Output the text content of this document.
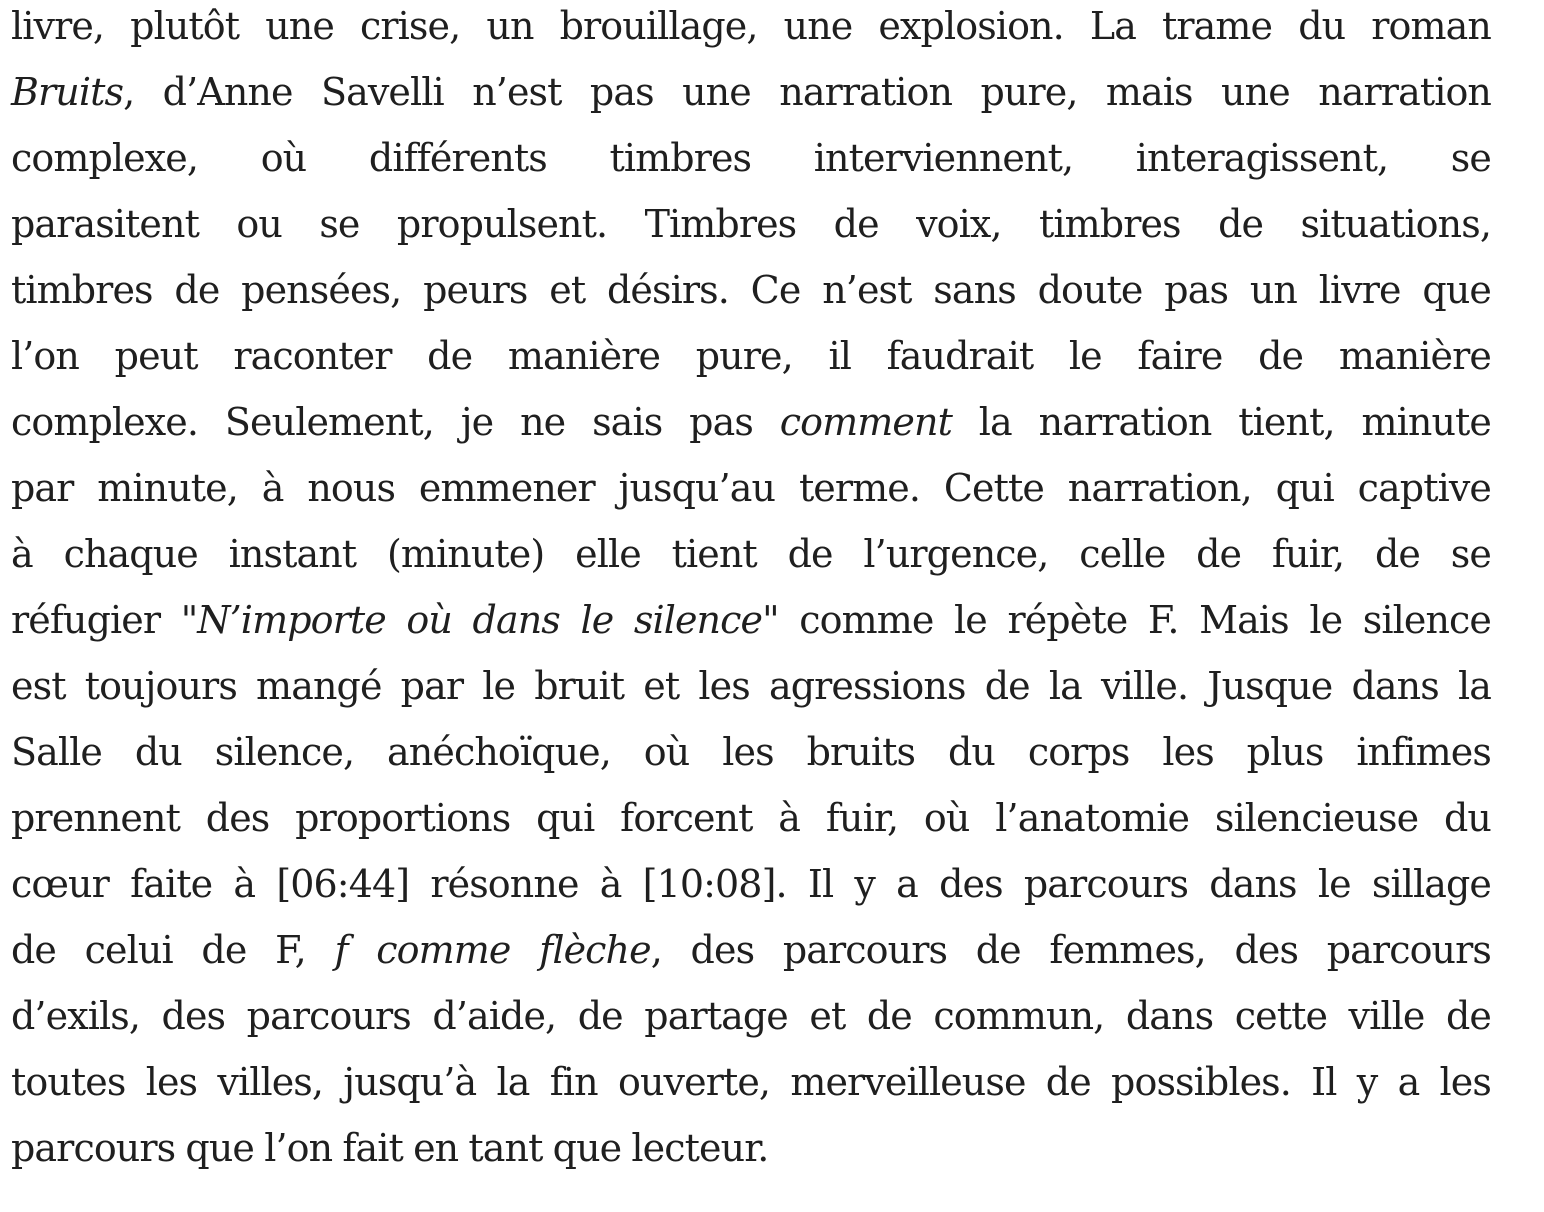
livre, plutôt une crise, un brouillage, une explosion. La trame du roman
Bruits, d’Anne Savelli n’est pas une narration pure, mais une narration
complexe, où différents timbres interviennent, interagissent, se
parasitent ou se propulsent. Timbres de voix, timbres de situations,
timbres de pensées, peurs et désirs. Ce n’est sans doute pas un livre que
l’on peut raconter de manière pure, il faudrait le faire de manière
complexe. Seulement, je ne sais pas comment la narration tient, minute
par minute, à nous emmener jusqu’au terme. Cette narration, qui captive
à chaque instant (minute) elle tient de l’urgence, celle de fuir, de se
réfugier "N’importe où dans le silence" comme le répète F. Mais le silence
est toujours mangé par le bruit et les agressions de la ville. Jusque dans la
Salle du silence, anéchoïque, où les bruits du corps les plus infimes
prennent des proportions qui forcent à fuir, où l’anatomie silencieuse du
cœur faite à [06:44] résonne à [10:08]. Il y a des parcours dans le sillage
de celui de F, f comme flèche, des parcours de femmes, des parcours
d’exils, des parcours d’aide, de partage et de commun, dans cette ville de
toutes les villes, jusqu’à la fin ouverte, merveilleuse de possibles. Il y a les
parcours que l’on fait en tant que lecteur.
